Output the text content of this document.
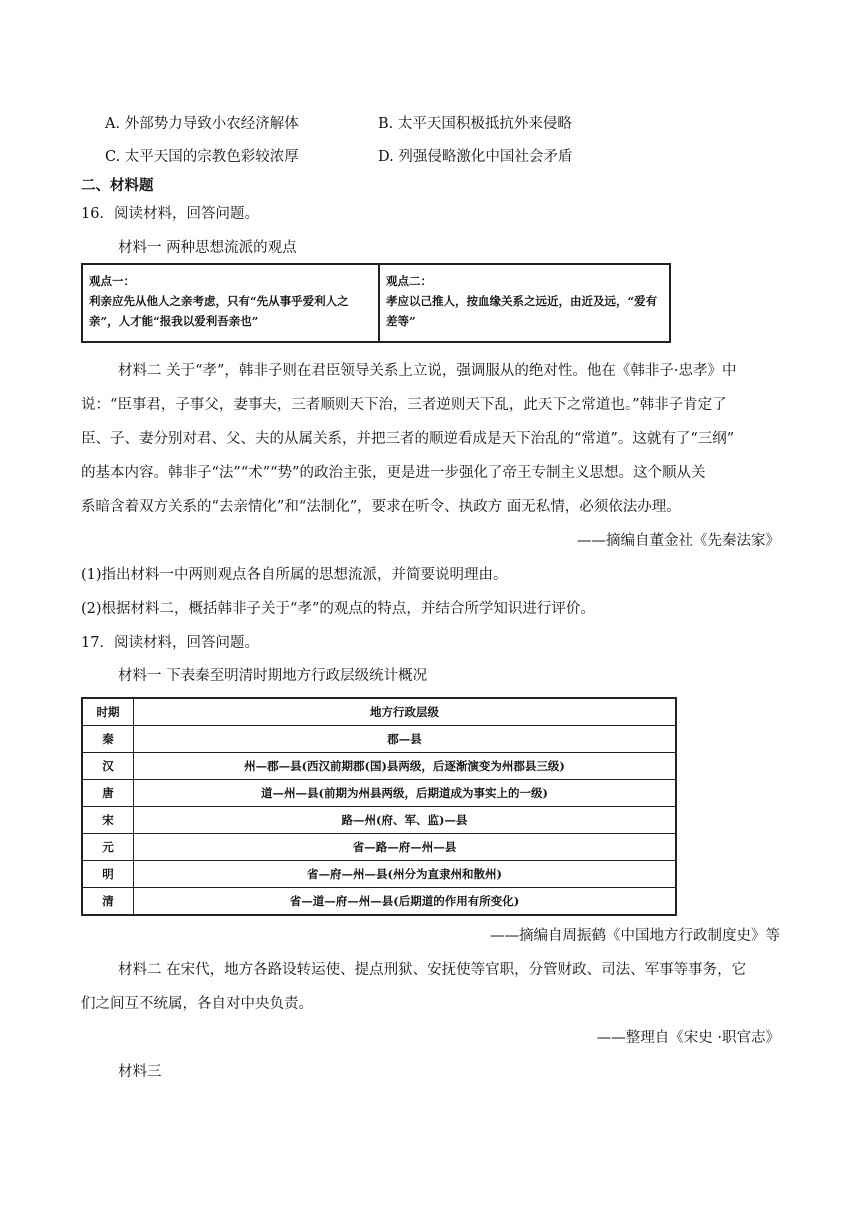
A. 外部势力导致小农经济解体	B. 太平天国积极抵抗外来侵略
C. 太平天国的宗教色彩较浓厚	D. 列强侵略激化中国社会矛盾
二、材料题
16．阅读材料，回答问题。
材料一 两种思想流派的观点
观点一：
利亲应先从他人之亲考虑，只有“先从事乎爱利人之亲”，人才能“报我以爱利吾亲也”
观点二：
孝应以己推人，按血缘关系之远近，由近及远，“爱有差等”
材料二 关于“孝”，韩非子则在君臣领导关系上立说，强调服从的绝对性。他在《韩非子·忠孝》中
说：“臣事君，子事父，妻事夫，三者顺则天下治，三者逆则天下乱，此天下之常道也。”韩非子肯定了
臣、子、妻分别对君、父、夫的从属关系，并把三者的顺逆看成是天下治乱的“常道”。这就有了“三纲”
的基本内容。韩非子“法”“术”“势”的政治主张，更是进一步强化了帝王专制主义思想。这个顺从关
系暗含着双方关系的“去亲情化”和“法制化”，要求在听令、执政方 面无私情，必须依法办理。
——摘编自董金社《先秦法家》
(1)指出材料一中两则观点各自所属的思想流派，并简要说明理由。
(2)根据材料二，概括韩非子关于“孝”的观点的特点，并结合所学知识进行评价。
17．阅读材料，回答问题。
材料一 下表秦至明清时期地方行政层级统计概况
时期	地方行政层级
秦	郡—县
汉	州—郡—县(西汉前期郡(国)县两级，后逐渐演变为州郡县三级)
唐	道—州—县(前期为州县两级，后期道成为事实上的一级)
宋	路—州(府、军、监)—县
元	省—路—府—州—县
明	省—府—州—县(州分为直隶州和散州)
清	省—道—府—州—县(后期道的作用有所变化)
——摘编自周振鹤《中国地方行政制度史》等
材料二 在宋代，地方各路设转运使、提点刑狱、安抚使等官职，分管财政、司法、军事等事务，它
们之间互不统属，各自对中央负责。
——整理自《宋史 ·职官志》
材料三
